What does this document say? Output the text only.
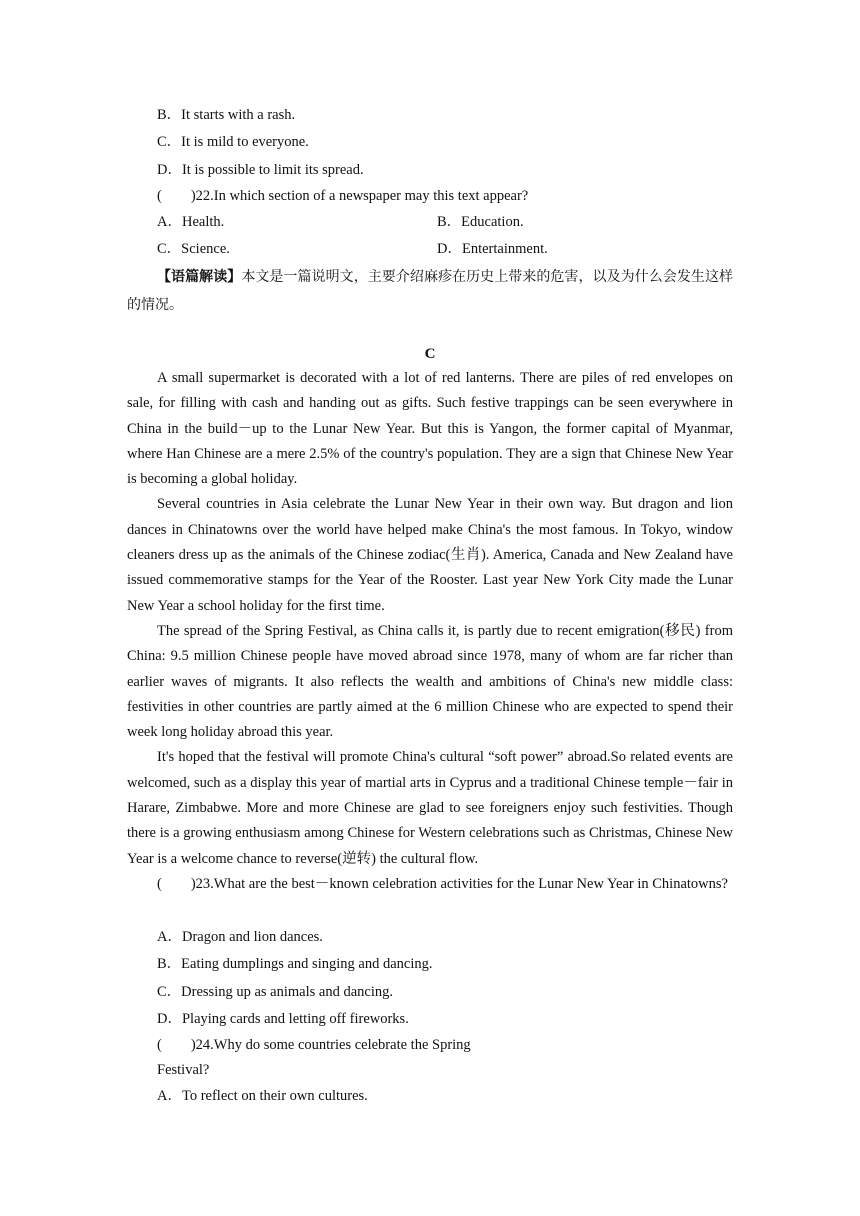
B．It starts with a rash.
C．It is mild to everyone.
D．It is possible to limit its spread.
(　　)22.In which section of a newspaper may this text appear?
A．Health.	B．Education.
C．Science.	D．Entertainment.

【语篇解读】本文是一篇说明文，主要介绍麻疹在历史上带来的危害，以及为什么会发生这样的情况。

C

A small supermarket is decorated with a lot of red lanterns. There are piles of red envelopes on sale, for filling with cash and handing out as gifts. Such festive trappings can be seen everywhere in China in the build－up to the Lunar New Year. But this is Yangon, the former capital of Myanmar, where Han Chinese are a mere 2.5% of the country's population. They are a sign that Chinese New Year is becoming a global holiday.

Several countries in Asia celebrate the Lunar New Year in their own way. But dragon and lion dances in Chinatowns over the world have helped make China's the most famous. In Tokyo, window cleaners dress up as the animals of the Chinese zodiac(生肖). America, Canada and New Zealand have issued commemorative stamps for the Year of the Rooster. Last year New York City made the Lunar New Year a school holiday for the first time.

The spread of the Spring Festival, as China calls it, is partly due to recent emigration(移民) from China: 9.5 million Chinese people have moved abroad since 1978, many of whom are far richer than earlier waves of migrants. It also reflects the wealth and ambitions of China's new middle class: festivities in other countries are partly aimed at the 6 million Chinese who are expected to spend their week long holiday abroad this year.

It's hoped that the festival will promote China's cultural “soft power” abroad.So related events are welcomed, such as a display this year of martial arts in Cyprus and a traditional Chinese temple－fair in Harare, Zimbabwe. More and more Chinese are glad to see foreigners enjoy such festivities. Though there is a growing enthusiasm among Chinese for Western celebrations such as Christmas, Chinese New Year is a welcome chance to reverse(逆转) the cultural flow.

(　　)23.What are the best－known celebration activities for the Lunar New Year in Chinatowns?

A．Dragon and lion dances.
B．Eating dumplings and singing and dancing.
C．Dressing up as animals and dancing.
D．Playing cards and letting off fireworks.
(　　)24.Why do some countries celebrate the Spring
Festival?
A．To reflect on their own cultures.
